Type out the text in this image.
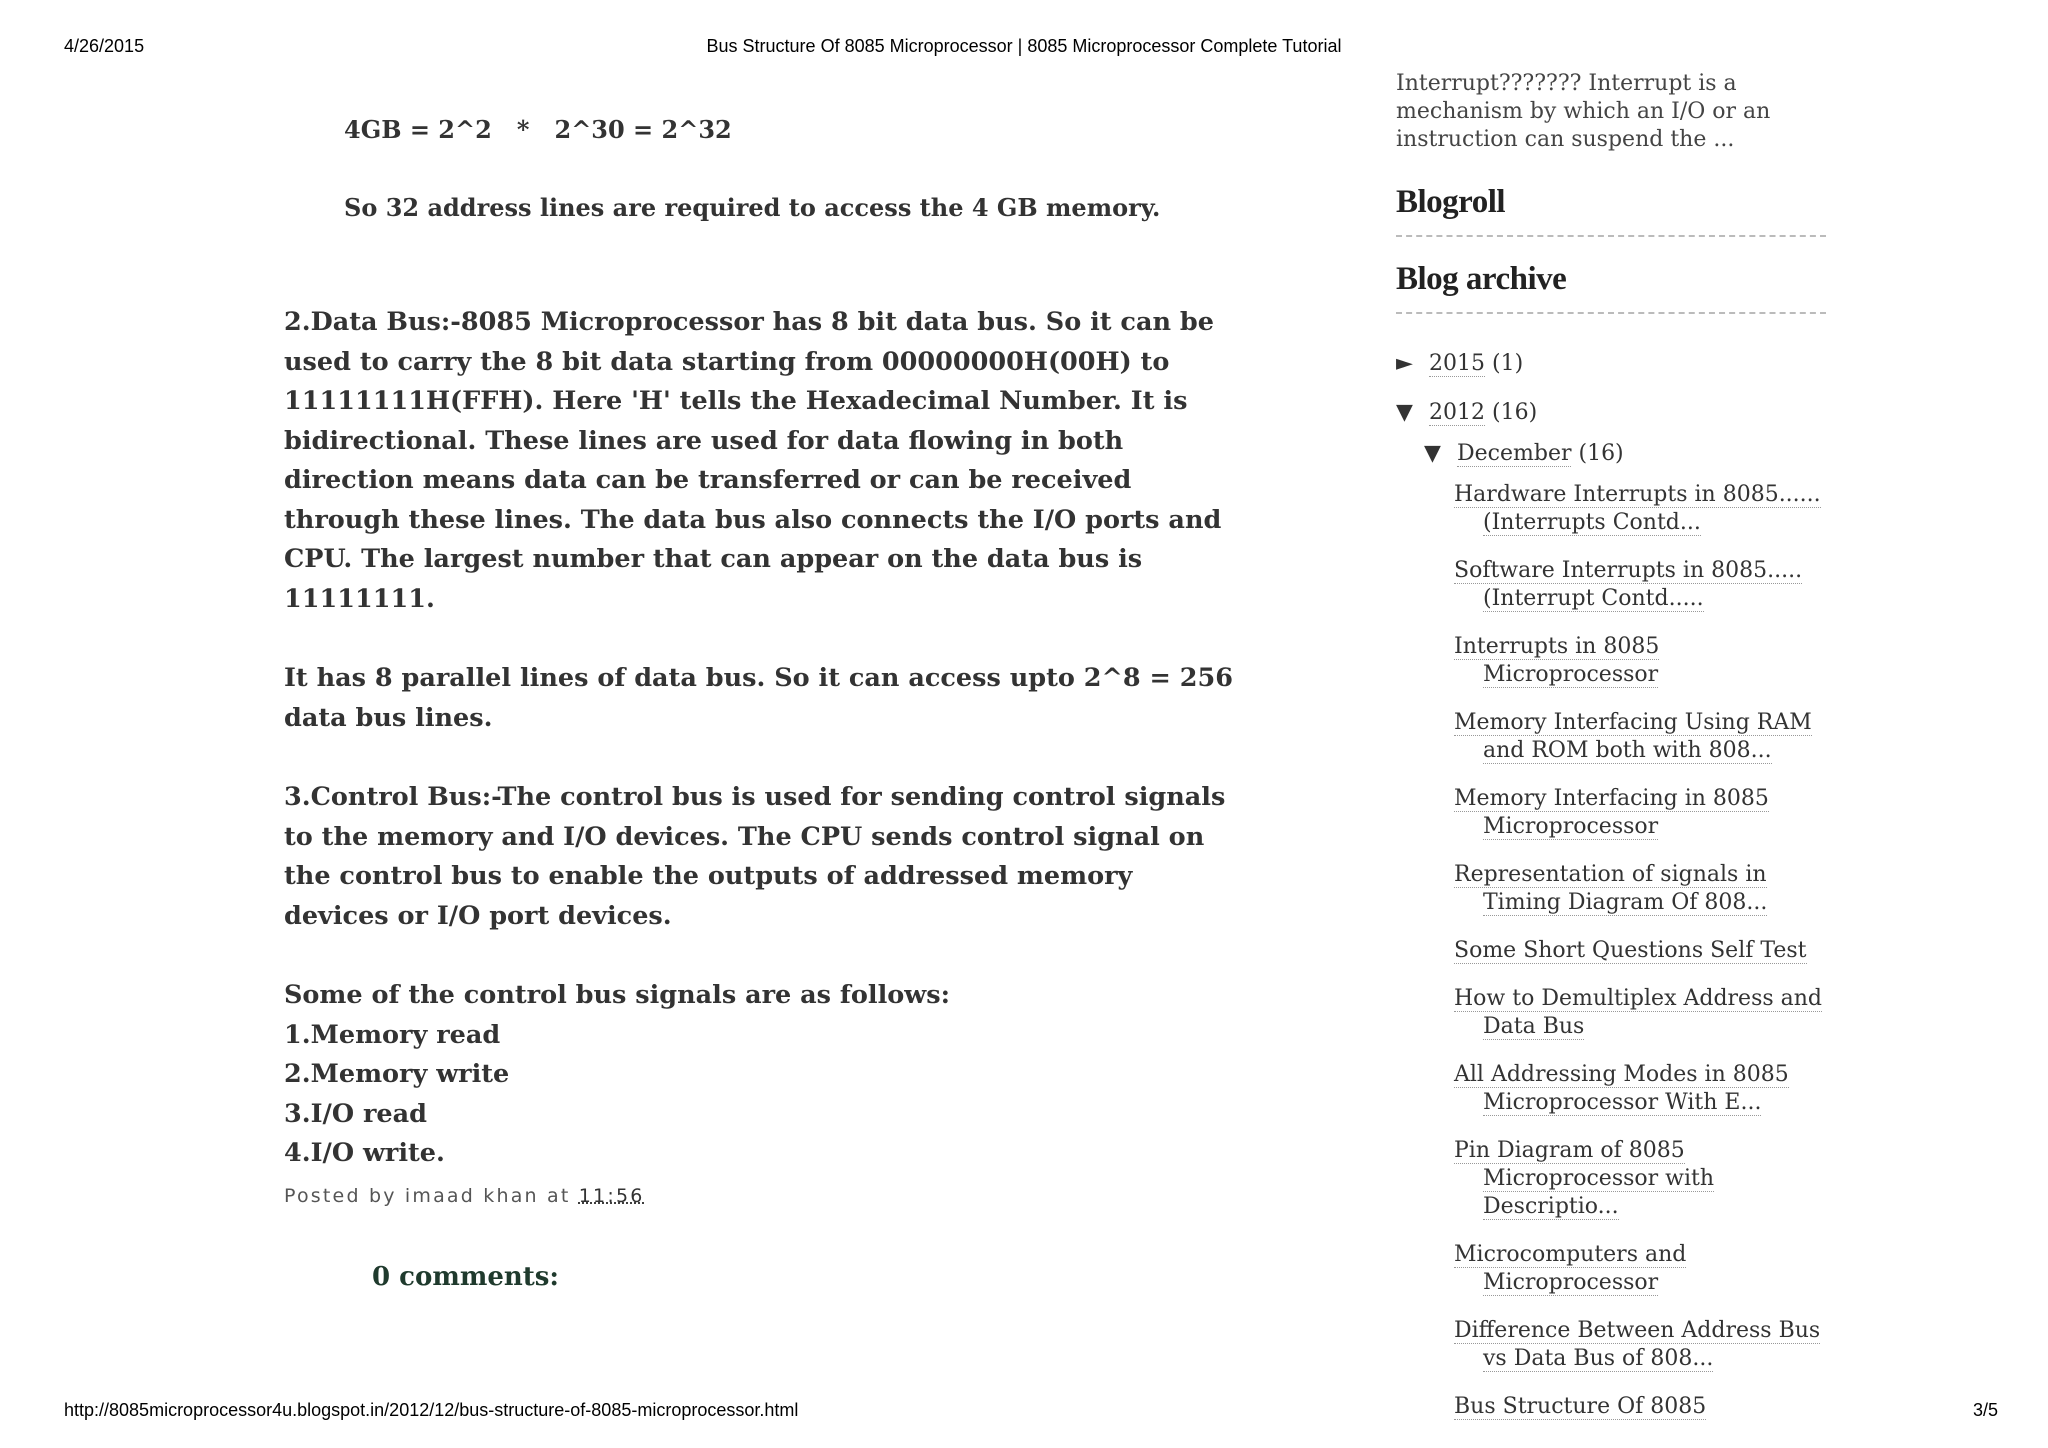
4/26/2015	Bus Structure Of 8085 Microprocessor | 8085 Microprocessor Complete Tutorial
http://8085microprocessor4u.blogspot.in/2012/12/bus-structure-of-8085-microprocessor.html	3/5

4GB = 2^2   *   2^30 = 2^32

So 32 address lines are required to access the 4 GB memory.

2.Data Bus:-8085 Microprocessor has 8 bit data bus. So it can be used to carry the 8 bit data starting from 00000000H(00H) to 11111111H(FFH). Here 'H' tells the Hexadecimal Number. It is bidirectional. These lines are used for data flowing in both direction means data can be transferred or can be received through these lines. The data bus also connects the I/O ports and CPU. The largest number that can appear on the data bus is 11111111.

It has 8 parallel lines of data bus. So it can access upto 2^8 = 256 data bus lines.

3.Control Bus:-The control bus is used for sending control signals to the memory and I/O devices. The CPU sends control signal on the control bus to enable the outputs of addressed memory devices or I/O port devices.

Some of the control bus signals are as follows:

1.Memory read

2.Memory write

3.I/O read

4.I/O write.

Posted by imaad khan at 11:56
0 comments:

Interrupt??????? Interrupt is a mechanism by which an I/O or an instruction can suspend the ...

Blogroll
Blog archive
► 2015 (1)
▼ 2012 (16)
▼ December (16)
Hardware Interrupts in 8085...... (Interrupts Contd...
Software Interrupts in 8085..... (Interrupt Contd.....
Interrupts in 8085 Microprocessor
Memory Interfacing Using RAM and ROM both with 808...
Memory Interfacing in 8085 Microprocessor
Representation of signals in Timing Diagram Of 808...
Some Short Questions Self Test
How to Demultiplex Address and Data Bus
All Addressing Modes in 8085 Microprocessor With E...
Pin Diagram of 8085 Microprocessor with Descriptio...
Microcomputers and Microprocessor
Difference Between Address Bus vs Data Bus of 808...
Bus Structure Of 8085
